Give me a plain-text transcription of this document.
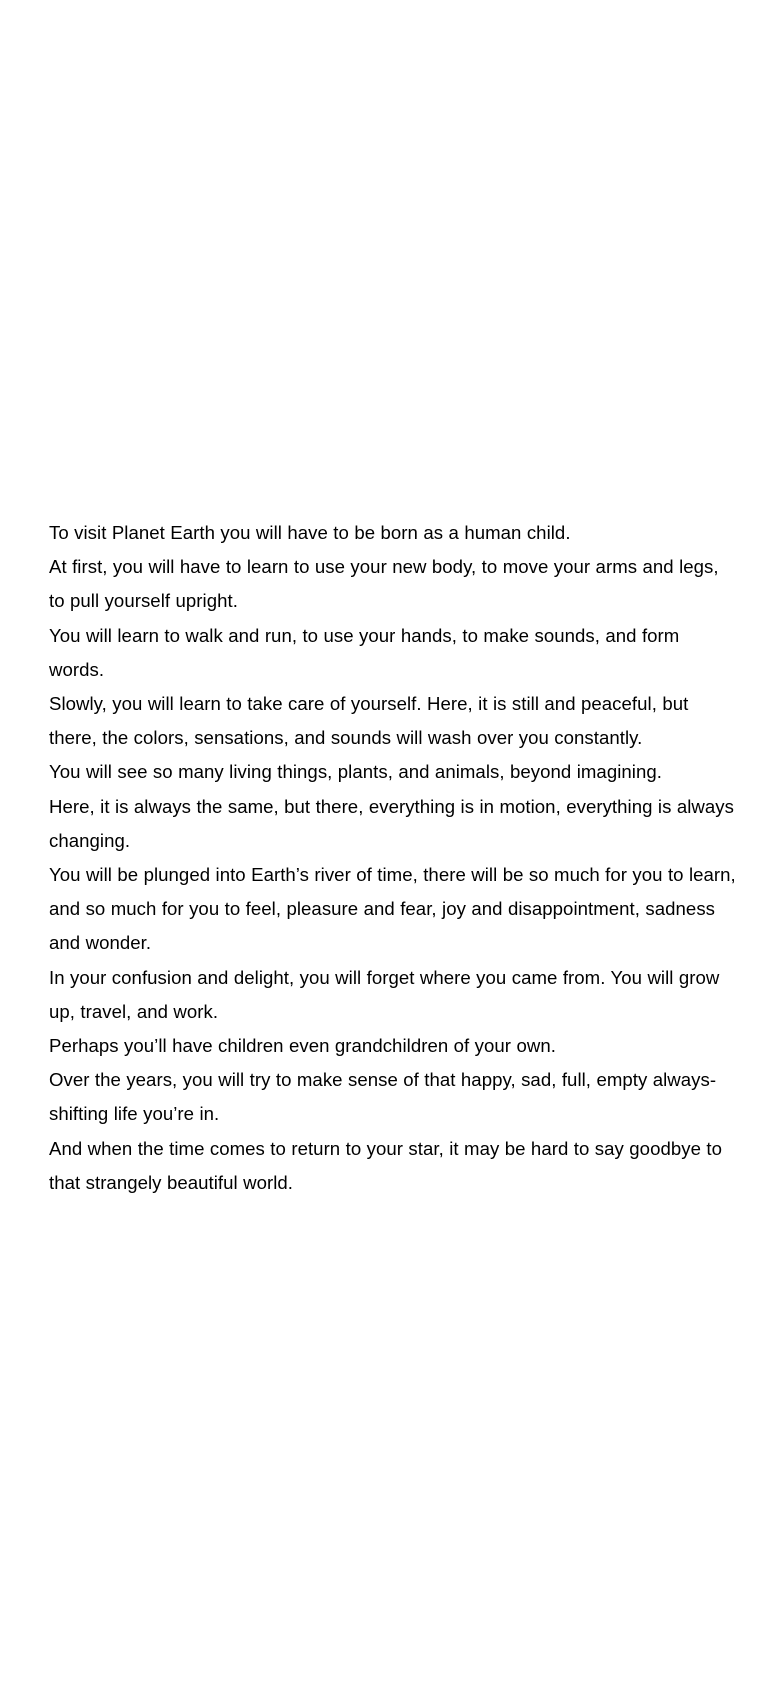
To visit Planet Earth you will have to be born as a human child.

At first, you will have to learn to use your new body, to move your arms and legs, to pull yourself upright.

You will learn to walk and run, to use your hands, to make sounds, and form words.

Slowly, you will learn to take care of yourself. Here, it is still and peaceful, but there, the colors, sensations, and sounds will wash over you constantly.

You will see so many living things, plants, and animals, beyond imagining.

Here, it is always the same, but there, everything is in motion, everything is always changing.

You will be plunged into Earth’s river of time, there will be so much for you to learn, and so much for you to feel, pleasure and fear, joy and disappointment, sadness and wonder.

In your confusion and delight, you will forget where you came from. You will grow up, travel, and work.

Perhaps you’ll have children even grandchildren of your own.

Over the years, you will try to make sense of that happy, sad, full, empty always-shifting life you’re in.

And when the time comes to return to your star, it may be hard to say goodbye to that strangely beautiful world.
